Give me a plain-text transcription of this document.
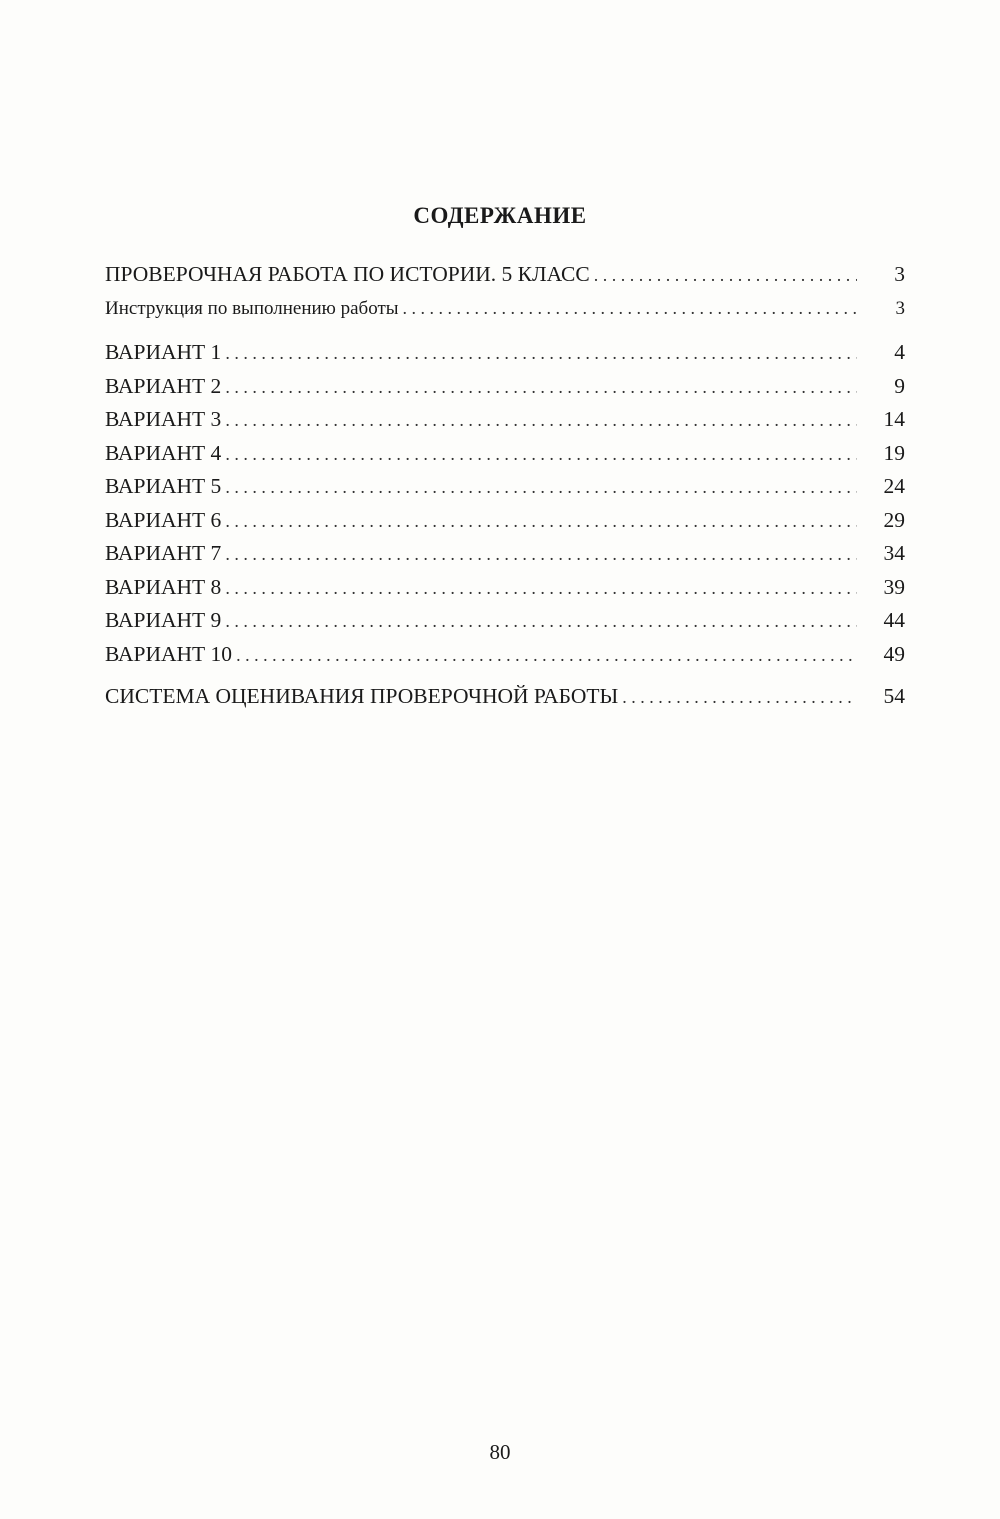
СОДЕРЖАНИЕ
ПРОВЕРОЧНАЯ РАБОТА ПО ИСТОРИИ. 5 КЛАСС . . .	3
Инструкция по выполнению работы . . .	3
ВАРИАНТ 1 . . .	4
ВАРИАНТ 2 . . .	9
ВАРИАНТ 3 . . .	14
ВАРИАНТ 4 . . .	19
ВАРИАНТ 5 . . .	24
ВАРИАНТ 6 . . .	29
ВАРИАНТ 7 . . .	34
ВАРИАНТ 8 . . .	39
ВАРИАНТ 9 . . .	44
ВАРИАНТ 10 . . .	49
СИСТЕМА ОЦЕНИВАНИЯ ПРОВЕРОЧНОЙ РАБОТЫ . . .	54
80
